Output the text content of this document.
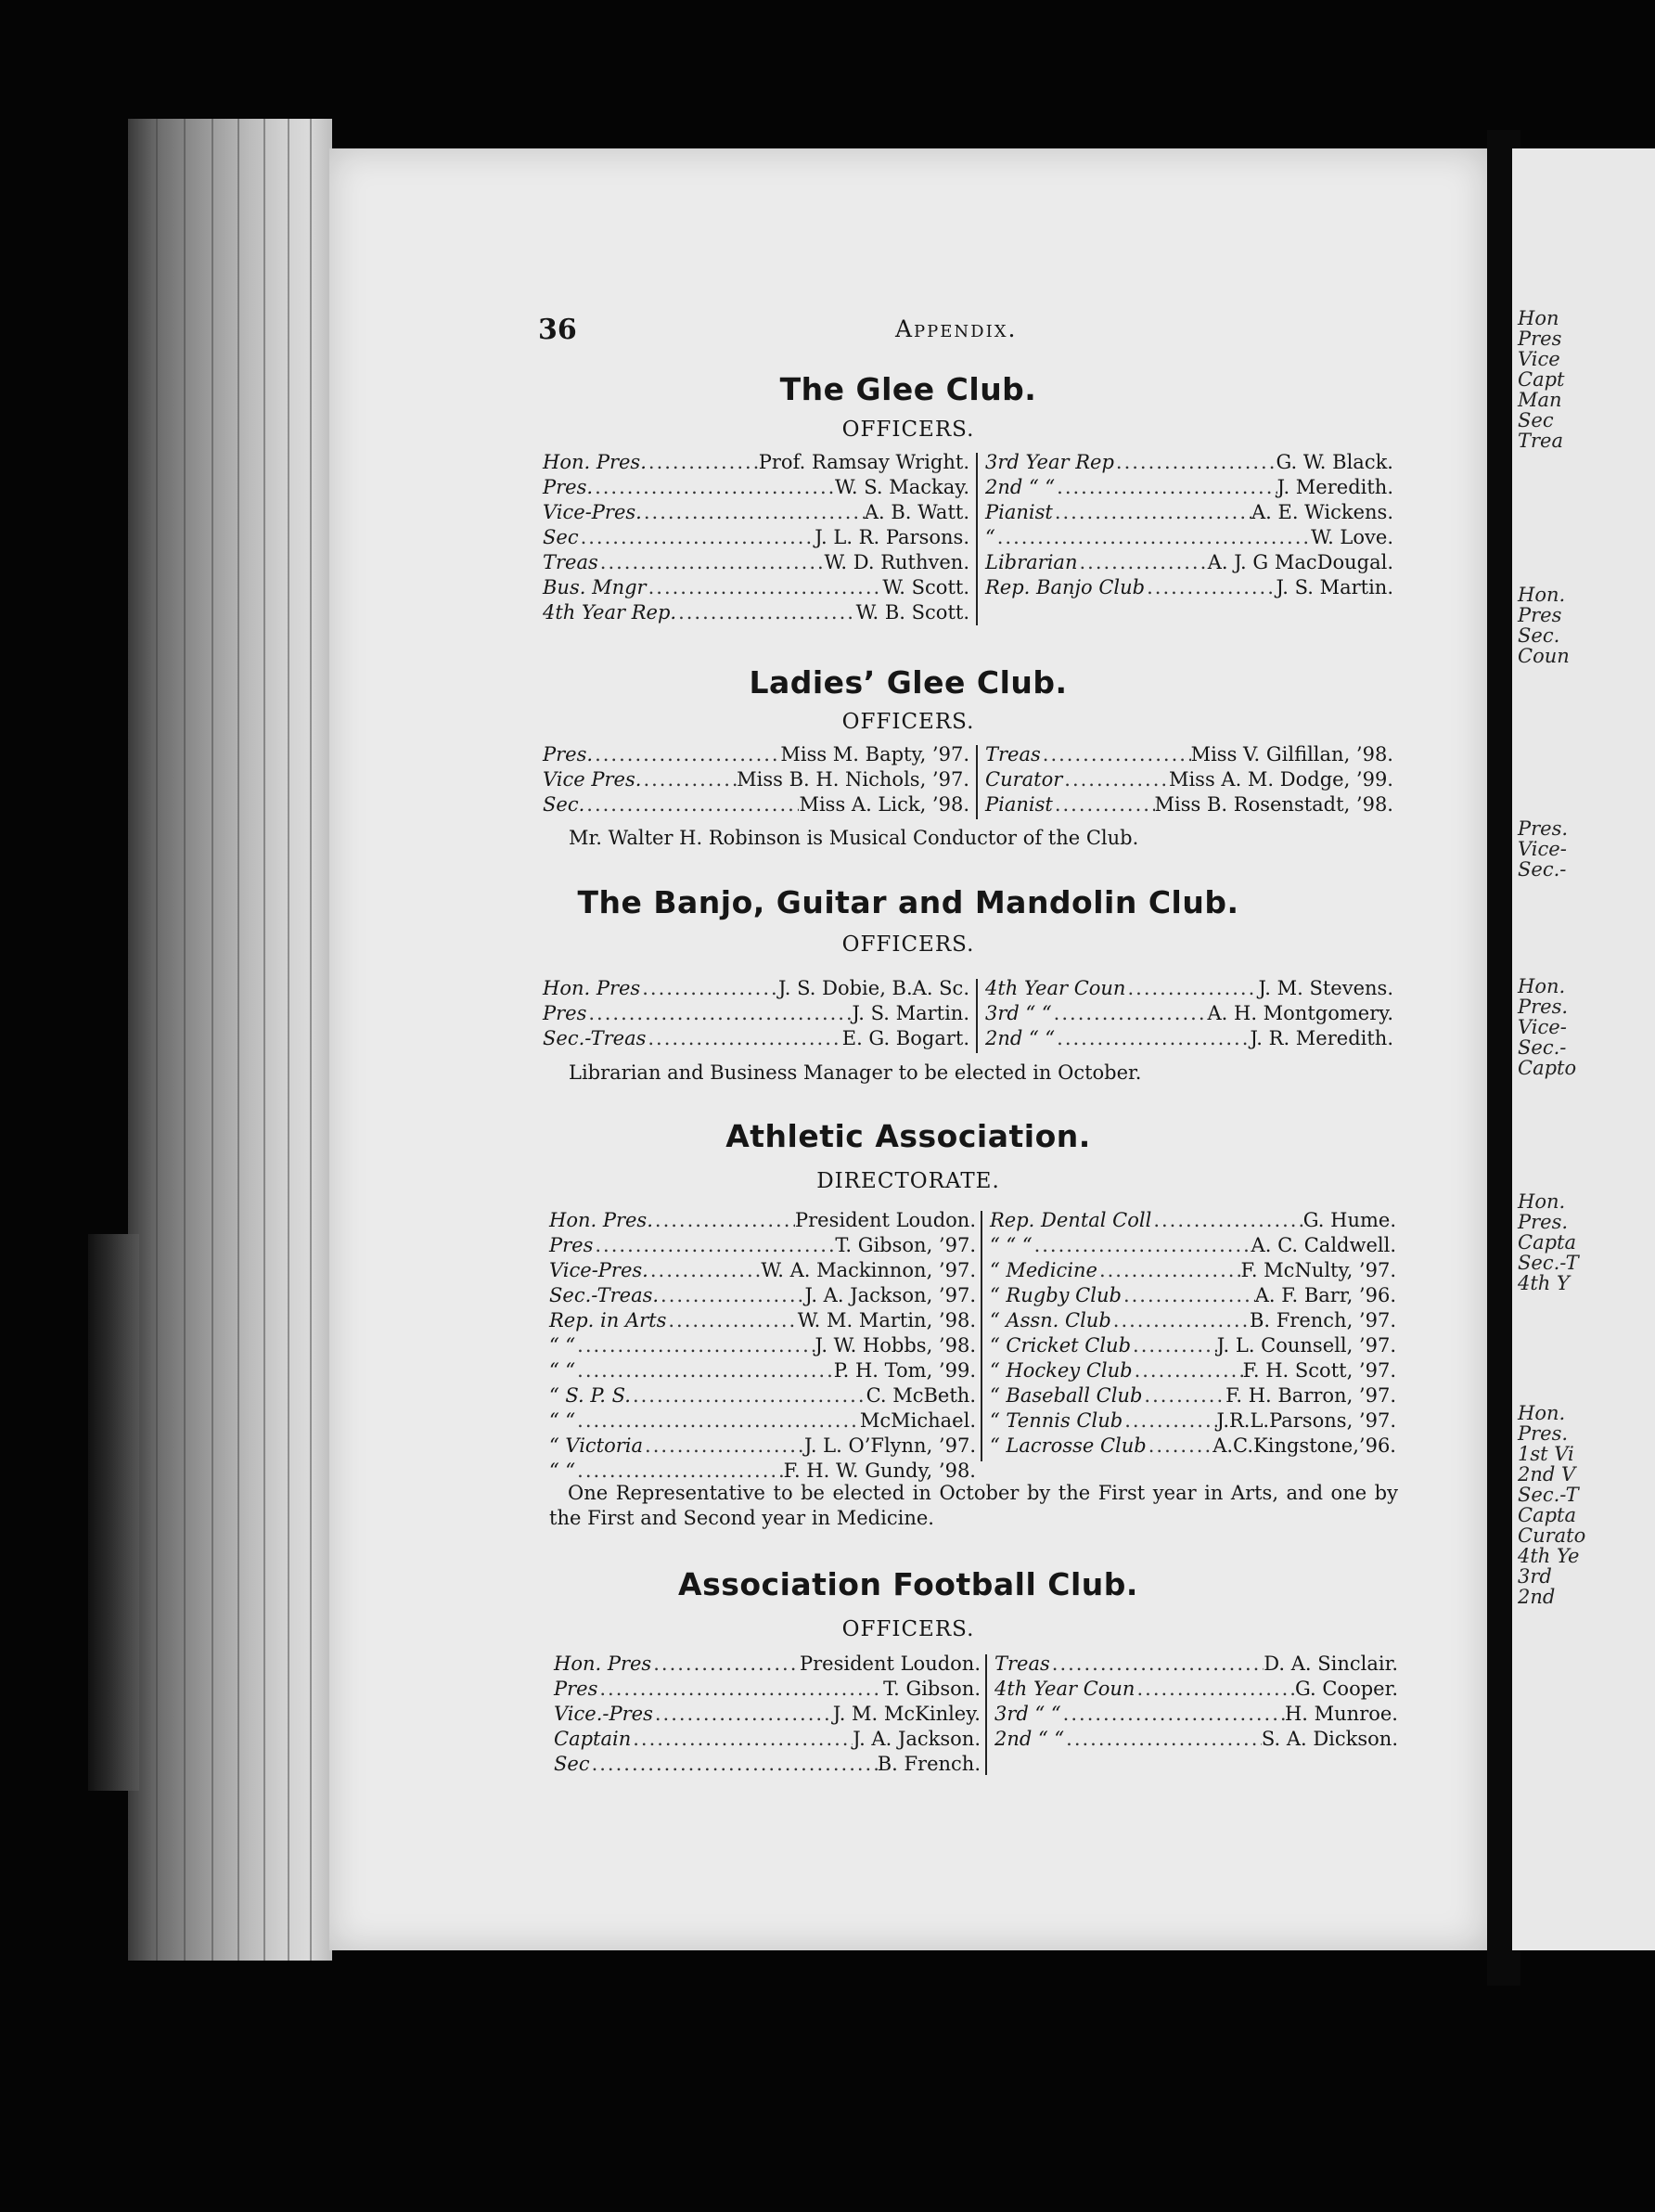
36	Appendix.
The Glee Club.
OFFICERS.
Hon. Pres. .....	Prof. Ramsay Wright.
Pres. .....	W. S. Mackay.
Vice-Pres. .....	A. B. Watt.
Sec .....	J. L. R. Parsons.
Treas .....	W. D. Ruthven.
Bus. Mngr .....	W. Scott.
4th Year Rep. .....	W. B. Scott.
3rd Year Rep .....	G. W. Black.
2nd “ “ .....	J. Meredith.
Pianist .....	A. E. Wickens.
“ .....	W. Love.
Librarian .....	A. J. G MacDougal.
Rep. Banjo Club .....	J. S. Martin.
Ladies’ Glee Club.
OFFICERS.
Pres. .....	Miss M. Bapty, ’97.
Vice Pres. .....	Miss B. H. Nichols, ’97.
Sec. .....	Miss A. Lick, ’98.
Treas .....	Miss V. Gilfillan, ’98.
Curator .....	Miss A. M. Dodge, ’99.
Pianist .....	Miss B. Rosenstadt, ’98.
Mr. Walter H. Robinson is Musical Conductor of the Club.
The Banjo, Guitar and Mandolin Club.
OFFICERS.
Hon. Pres .....	J. S. Dobie, B.A. Sc.
Pres .....	J. S. Martin.
Sec.-Treas .....	E. G. Bogart.
4th Year Coun .....	J. M. Stevens.
3rd “ “ .....	A. H. Montgomery.
2nd “ “ .....	J. R. Meredith.
Librarian and Business Manager to be elected in October.
Athletic Association.
DIRECTORATE.
Hon. Pres. .....	President Loudon.
Pres .....	T. Gibson, ’97.
Vice-Pres. .....	W. A. Mackinnon, ’97.
Sec.-Treas. .....	J. A. Jackson, ’97.
Rep. in Arts .....	W. M. Martin, ’98.
“ “ .....	J. W. Hobbs, ’98.
“ “ .....	P. H. Tom, ’99.
“ S. P. S. .....	C. McBeth.
“ “ .....	McMichael.
“ Victoria .....	J. L. O’Flynn, ’97.
“ “ .....	F. H. W. Gundy, ’98.
Rep. Dental Coll .....	G. Hume.
“ “ “ .....	A. C. Caldwell.
“ Medicine .....	F. McNulty, ’97.
“ Rugby Club .....	A. F. Barr, ’96.
“ Assn. Club .....	B. French, ’97.
“ Cricket Club .....	J. L. Counsell, ’97.
“ Hockey Club .....	F. H. Scott, ’97.
“ Baseball Club .....	F. H. Barron, ’97.
“ Tennis Club .....	J.R.L.Parsons, ’97.
“ Lacrosse Club .....	A.C.Kingstone,’96.
One Representative to be elected in October by the First year in Arts, and one by the First and Second year in Medicine.
Association Football Club.
OFFICERS.
Hon. Pres .....	President Loudon.
Pres .....	T. Gibson.
Vice.-Pres .....	J. M. McKinley.
Captain .....	J. A. Jackson.
Sec .....	B. French.
Treas .....	D. A. Sinclair.
4th Year Coun .....	G. Cooper.
3rd “ “ .....	H. Munroe.
2nd “ “ .....	S. A. Dickson.
Hon
Pres
Vice
Capt
Man
Sec
Trea
Hon.
Pres
Sec.
Coun
Pres.
Vice-
Sec.-
Hon.
Pres.
Vice-
Sec.-
Capto
Hon.
Pres.
Capta
Sec.-T
4th Y
Hon.
Pres.
1st Vi
2nd V
Sec.-T
Capta
Curato
4th Ye
3rd
2nd
